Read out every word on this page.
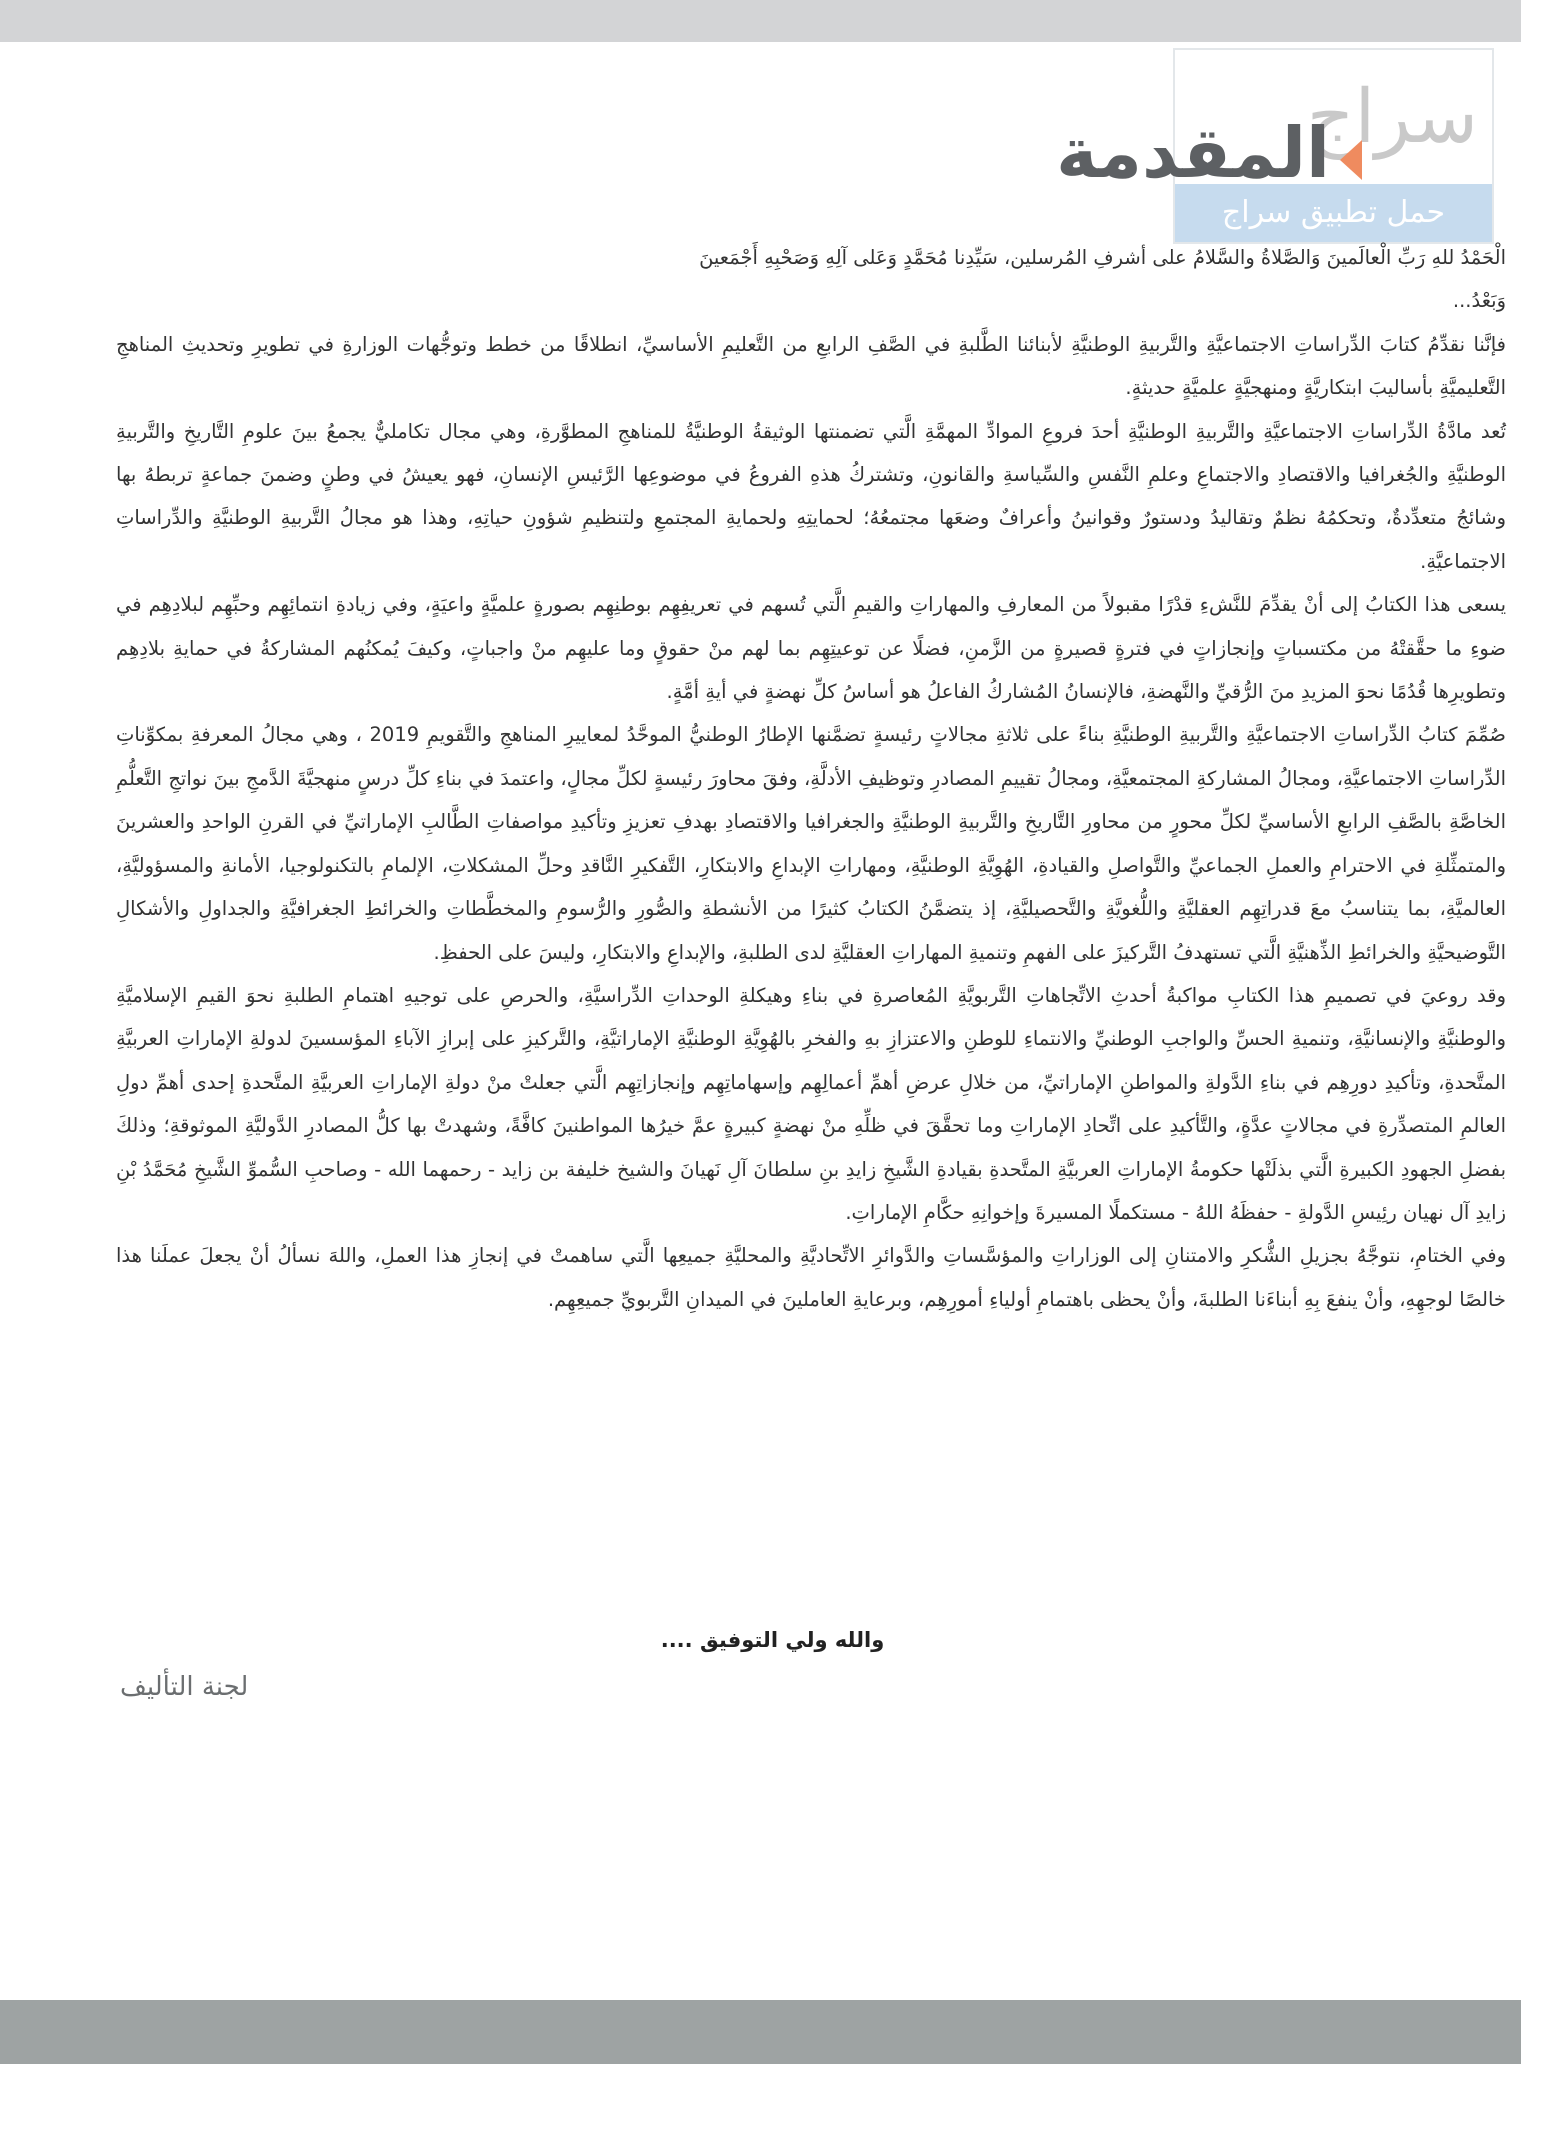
سراج
حمل تطبيق سراج
المقدمة

الْحَمْدُ للهِ رَبِّ الْعالَمينَ وَالصَّلاةُ والسَّلامُ على أشرفِ المُرسلين، سَيِّدِنا مُحَمَّدٍ وَعَلى آلِهِ وَصَحْبِهِ أَجْمَعينَ

وَبَعْدُ...

فإنَّنا نقدِّمُ كتابَ الدِّراساتِ الاجتماعيَّةِ والتَّربيةِ الوطنيَّةِ لأبنائنا الطَّلبةِ في الصَّفِ الرابعِ من التَّعليمِ الأساسيِّ، انطلاقًا من خطط وتوجُّهات الوزارةِ في تطويرِ وتحديثِ المناهجِ التَّعليميَّةِ بأساليبَ ابتكاريَّةٍ ومنهجيَّةٍ علميَّةٍ حديثةٍ.

تُعد مادَّةُ الدِّراساتِ الاجتماعيَّةِ والتَّربيةِ الوطنيَّةِ أحدَ فروعِ الموادِّ المهمَّةِ الَّتي تضمنتها الوثيقةُ الوطنيَّةُ للمناهجِ المطوَّرةِ، وهي مجال تكامليٌّ يجمعُ بينَ علومِ التَّاريخِ والتَّربيةِ الوطنيَّةِ والجُغرافيا والاقتصادِ والاجتماعِ وعلمِ النَّفسِ والسِّياسةِ والقانونِ، وتشتركُ هذهِ الفروعُ في موضوعِها الرَّئيسِ الإنسانِ، فهو يعيشُ في وطنٍ وضمنَ جماعةٍ تربطهُ بها وشائجُ متعدِّدةٌ، وتحكمُهُ نظمٌ وتقاليدُ ودستورٌ وقوانينُ وأعرافٌ وضعَها مجتمعُهُ؛ لحمايتِهِ ولحمايةِ المجتمعِ ولتنظيمِ شؤونِ حياتِهِ، وهذا هو مجالُ التَّربيةِ الوطنيَّةِ والدِّراساتِ الاجتماعيَّةِ.

يسعى هذا الكتابُ إلى أنْ يقدِّمَ للنَّشءِ قدْرًا مقبولاً من المعارفِ والمهاراتِ والقيمِ الَّتي تُسهم في تعريفِهِم بوطنِهِم بصورةٍ علميَّةٍ واعيَةٍ، وفي زيادةِ انتمائِهِم وحبِّهِم لبلادِهِم في ضوءِ ما حقَّقتْهُ من مكتسباتٍ وإنجازاتٍ في فترةٍ قصيرةٍ من الزَّمنِ، فضلًا عن توعيتِهِم بما لهم منْ حقوقٍ وما عليهِم منْ واجباتٍ، وكيفَ يُمكنُهم المشاركةُ في حمايةِ بلادِهِم وتطويرِها قُدُمًا نحوَ المزيدِ منَ الرُّقيِّ والنَّهضةِ، فالإنسانُ المُشاركُ الفاعلُ هو أساسُ كلِّ نهضةٍ في أيةِ أمَّةٍ.

صُمِّمَ كتابُ الدِّراساتِ الاجتماعيَّةِ والتَّربيةِ الوطنيَّةِ بناءً على ثلاثةِ مجالاتٍ رئيسةٍ تضمَّنها الإطارُ الوطنيُّ الموحَّدُ لمعاييرِ المناهجِ والتَّقويمِ 2019 ، وهي مجالُ المعرفةِ بمكوِّناتِ الدِّراساتِ الاجتماعيَّةِ، ومجالُ المشاركةِ المجتمعيَّةِ، ومجالُ تقييمِ المصادرِ وتوظيفِ الأدلَّةِ، وفقَ محاورَ رئيسةٍ لكلِّ مجالٍ، واعتمدَ في بناءِ كلِّ درسٍ منهجيَّةَ الدَّمجِ بينَ نواتجِ التَّعلُّمِ الخاصَّةِ بالصَّفِ الرابعِ الأساسيِّ لكلِّ محورٍ من محاورِ التَّاريخِ والتَّربيةِ الوطنيَّةِ والجغرافيا والاقتصادِ بهدفِ تعزيزِ وتأكيدِ مواصفاتِ الطَّالبِ الإماراتيِّ في القرنِ الواحدِ والعشرينَ والمتمثِّلةِ في الاحترامِ والعملِ الجماعيِّ والتَّواصلِ والقيادةِ، الهُوِيَّةِ الوطنيَّةِ، ومهاراتِ الإبداعِ والابتكارِ، التَّفكيرِ النَّاقدِ وحلِّ المشكلاتِ، الإلمامِ بالتكنولوجيا، الأمانةِ والمسؤوليَّةِ، العالميَّةِ، بما يتناسبُ معَ قدراتِهِم العقليَّةِ واللُّغويَّةِ والتَّحصيليَّةِ، إذ يتضمَّنُ الكتابُ كثيرًا من الأنشطةِ والصُّورِ والرُّسومِ والمخطَّطاتِ والخرائطِ الجغرافيَّةِ والجداولِ والأشكالِ التَّوضيحيَّةِ والخرائطِ الذِّهنيَّةِ الَّتي تستهدفُ التَّركيزَ على الفهمِ وتنميةِ المهاراتِ العقليَّةِ لدى الطلبةِ، والإبداعِ والابتكارِ، وليسَ على الحفظِ.

وقد روعيَ في تصميمِ هذا الكتابِ مواكبةُ أحدثِ الاتِّجاهاتِ التَّربويَّةِ المُعاصرةِ في بناءِ وهيكلةِ الوحداتِ الدِّراسيَّةِ، والحرصِ على توجيهِ اهتمامِ الطلبةِ نحوَ القيمِ الإسلاميَّةِ والوطنيَّةِ والإنسانيَّةِ، وتنميةِ الحسِّ والواجبِ الوطنيِّ والانتماءِ للوطنِ والاعتزازِ بهِ والفخرِ بالهُوِيَّةِ الوطنيَّةِ الإماراتيَّةِ، والتَّركيزِ على إبرازِ الآباءِ المؤسسينَ لدولةِ الإماراتِ العربيَّةِ المتَّحدةِ، وتأكيدِ دورِهِم في بناءِ الدَّولةِ والمواطنِ الإماراتيِّ، من خلالِ عرضِ أهمِّ أعمالِهِم وإسهاماتِهِم وإنجازاتِهِم الَّتي جعلتْ منْ دولةِ الإماراتِ العربيَّةِ المتَّحدةِ إحدى أهمِّ دولِ العالمِ المتصدِّرةِ في مجالاتٍ عدَّةٍ، والتَّأكيدِ على اتِّحادِ الإماراتِ وما تحقَّقَ في ظلِّهِ منْ نهضةٍ كبيرةٍ عمَّ خيرُها المواطنينَ كافَّةً، وشهدتْ بها كلُّ المصادرِ الدَّوليَّةِ الموثوقةِ؛ وذلكَ بفضلِ الجهودِ الكبيرةِ الَّتي بذلَتْها حكومةُ الإماراتِ العربيَّةِ المتَّحدةِ بقيادةِ الشَّيخِ زايدِ بنِ سلطانَ آلِ نَهيانَ والشيخ خليفة بن زايد - رحمهما الله - وصاحبِ السُّموِّ الشَّيخِ مُحَمَّدُ بْنِ زايدِ آل نهيان رئِيسِ الدَّولةِ - حفظَهُ اللهُ - مستكملًا المسيرةَ وإخوانِهِ حكَّامِ الإماراتِ.

وفي الختامِ، نتوجَّهُ بجزيلِ الشُّكرِ والامتنانِ إلى الوزاراتِ والمؤسَّساتِ والدَّوائرِ الاتِّحاديَّةِ والمحليَّةِ جميعِها الَّتي ساهمتْ في إنجازِ هذا العملِ، واللهَ نسألُ أنْ يجعلَ عملَنا هذا خالصًا لوجهِهِ، وأنْ ينفعَ بِهِ أبناءَنا الطلبةَ، وأنْ يحظى باهتمامِ أولياءِ أمورِهِم، وبرعايةِ العاملينَ في الميدانِ التَّربويِّ جميعِهِم.

والله ولي التوفيق ....
لجنة التأليف
